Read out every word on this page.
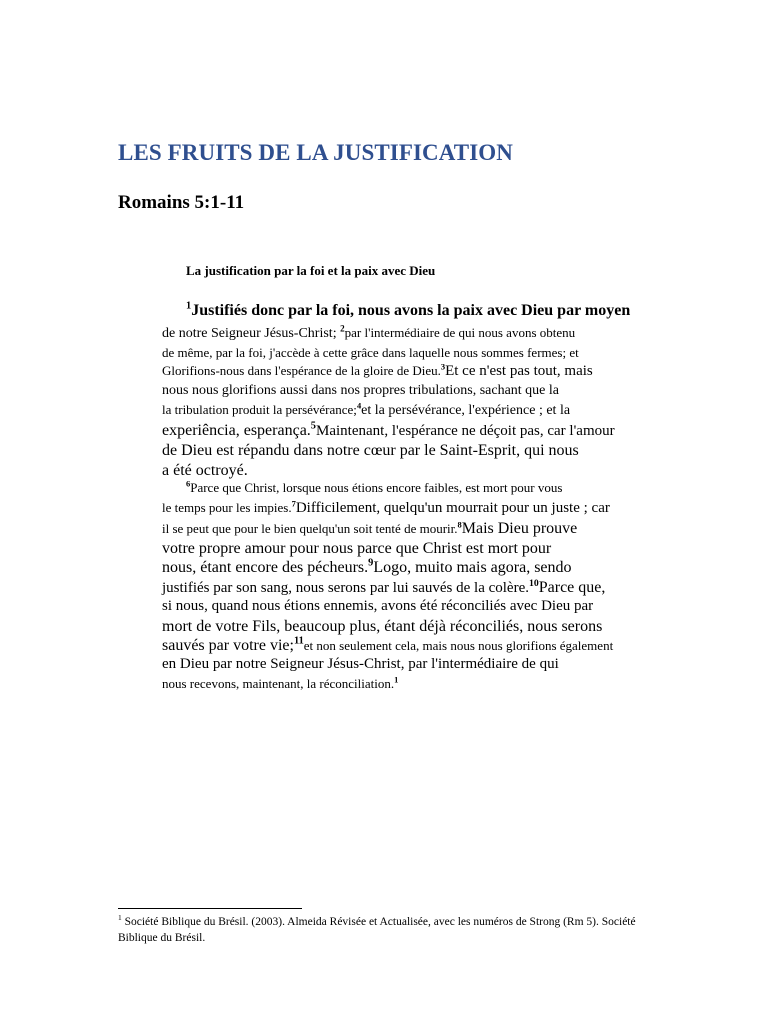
LES FRUITS DE LA JUSTIFICATION
Romains 5:1-11
La justification par la foi et la paix avec Dieu
$^1$Justifiés donc par la foi, nous avons la paix avec Dieu par moyen
de notre Seigneur Jésus-Christ; $^2$par l'intermédiaire de qui nous avons obtenu
de même, par la foi, j'accède à cette grâce dans laquelle nous sommes fermes; et
Glorifions-nous dans l'espérance de la gloire de Dieu.$^3$Et ce n'est pas tout, mais
nous nous glorifions aussi dans nos propres tribulations, sachant que la
la tribulation produit la persévérance;$^4$et la persévérance, l'expérience ; et la
experiência, esperança.$^5$Maintenant, l'espérance ne déçoit pas, car l'amour
de Dieu est répandu dans notre cœur par le Saint-Esprit, qui nous
a été octroyé.
$^6$Parce que Christ, lorsque nous étions encore faibles, est mort pour vous
le temps pour les impies.$^7$Difficilement, quelqu'un mourrait pour un juste ; car
il se peut que pour le bien quelqu'un soit tenté de mourir.$^8$Mais Dieu prouve
votre propre amour pour nous parce que Christ est mort pour
nous, étant encore des pécheurs.$^9$Logo, muito mais agora, sendo
justifiés par son sang, nous serons par lui sauvés de la colère.$^{10}$Parce que,
si nous, quand nous étions ennemis, avons été réconciliés avec Dieu par
mort de votre Fils, beaucoup plus, étant déjà réconciliés, nous serons
sauvés par votre vie;$^{11}$et non seulement cela, mais nous nous glorifions également
en Dieu par notre Seigneur Jésus-Christ, par l'intermédiaire de qui
nous recevons, maintenant, la réconciliation.$^1$
$^1$ Société Biblique du Brésil. (2003). Almeida Révisée et Actualisée, avec les numéros de Strong (Rm 5). Société Biblique du Brésil.
